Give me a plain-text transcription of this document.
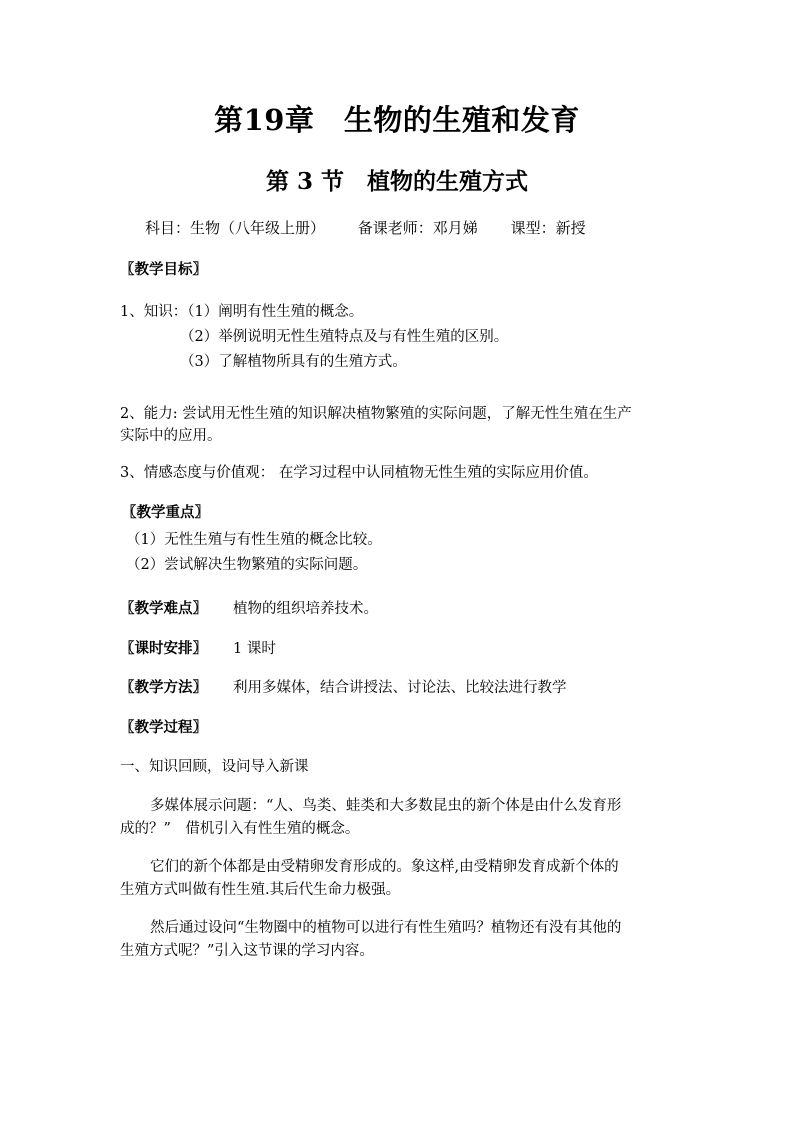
第19章　生物的生殖和发育
第 3 节　植物的生殖方式
科目：生物（八年级上册） 备课老师：邓月娣 课型：新授
〖教学目标〗
1、知识：（1）阐明有性生殖的概念。
（2）举例说明无性生殖特点及与有性生殖的区别。
（3）了解植物所具有的生殖方式。
2、能力: 尝试用无性生殖的知识解决植物繁殖的实际问题，了解无性生殖在生产
实际中的应用。
3、情感态度与价值观： 在学习过程中认同植物无性生殖的实际应用价值。
〖教学重点〗
（1）无性生殖与有性生殖的概念比较。
（2）尝试解决生物繁殖的实际问题。
〖教学难点〗 植物的组织培养技术。
〖课时安排〗 1 课时
〖教学方法〗 利用多媒体，结合讲授法、讨论法、比较法进行教学
〖教学过程〗
一、知识回顾，设问导入新课
多媒体展示问题：“人、鸟类、蛙类和大多数昆虫的新个体是由什么发育形
成的？”　借机引入有性生殖的概念。
它们的新个体都是由受精卵发育形成的。象这样,由受精卵发育成新个体的
生殖方式叫做有性生殖.其后代生命力极强。
然后通过设问“生物圈中的植物可以进行有性生殖吗？植物还有没有其他的
生殖方式呢？”引入这节课的学习内容。
